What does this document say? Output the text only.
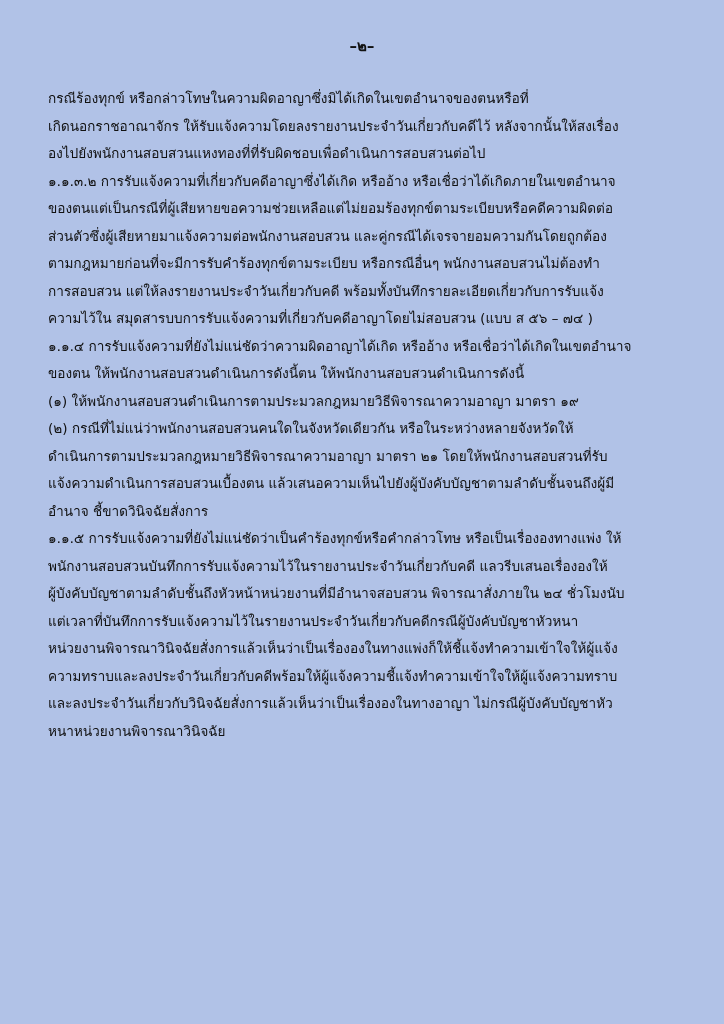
–๒–
กรณีร้องทุกข์ หรือกล่าวโทษในความผิดอาญาซึ่งมิได้เกิดในเขตอำนาจของตนหรือที่
เกิดนอกราชอาณาจักร ให้รับแจ้งความโดยลงรายงานประจำวันเกี่ยวกับคดีไว้ หลังจากนั้นให้สงเรื่อง
องไปยังพนักงานสอบสวนแหงทองที่ที่รับผิดชอบเพื่อดำเนินการสอบสวนต่อไป
๑.๑.๓.๒ การรับแจ้งความที่เกี่ยวกับคดีอาญาซึ่งได้เกิด หรืออ้าง หรือเชื่อว่าได้เกิดภายในเขตอำนาจ
ของตนแต่เป็นกรณีที่ผู้เสียหายขอความช่วยเหลือแต่ไม่ยอมร้องทุกข์ตามระเบียบหรือคดีความผิดต่อ
ส่วนตัวซึ่งผู้เสียหายมาแจ้งความต่อพนักงานสอบสวน และคู่กรณีได้เจรจายอมความกันโดยถูกต้อง
ตามกฎหมายก่อนที่จะมีการรับคำร้องทุกข์ตามระเบียบ หรือกรณีอื่นๆ พนักงานสอบสวนไม่ต้องทำ
การสอบสวน แต่ให้ลงรายงานประจำวันเกี่ยวกับคดี พร้อมทั้งบันทึกรายละเอียดเกี่ยวกับการรับแจ้ง
ความไว้ใน สมุดสารบบการรับแจ้งความที่เกี่ยวกับคดีอาญาโดยไม่สอบสวน (แบบ ส ๕๖ – ๗๔ )
๑.๑.๔ การรับแจ้งความที่ยังไม่แน่ชัดว่าความผิดอาญาได้เกิด หรืออ้าง หรือเชื่อว่าได้เกิดในเขตอำนาจ
ของตน ให้พนักงานสอบสวนดำเนินการดังนี้ตน ให้พนักงานสอบสวนดำเนินการดังนี้
(๑) ให้พนักงานสอบสวนดำเนินการตามประมวลกฎหมายวิธีพิจารณาความอาญา มาตรา ๑๙
(๒) กรณีที่ไม่แน่ว่าพนักงานสอบสวนคนใดในจังหวัดเดียวกัน หรือในระหว่างหลายจังหวัดให้
ดำเนินการตามประมวลกฎหมายวิธีพิจารณาความอาญา มาตรา ๒๑ โดยให้พนักงานสอบสวนที่รับ
แจ้งความดำเนินการสอบสวนเบื้องตน แล้วเสนอความเห็นไปยังผู้บังคับบัญชาตามลำดับชั้นจนถึงผู้มี
อำนาจ ชี้ขาดวินิจฉัยสั่งการ
๑.๑.๕ การรับแจ้งความที่ยังไม่แน่ชัดว่าเป็นคำร้องทุกข์หรือคำกล่าวโทษ หรือเป็นเรื่ององทางแพ่ง ให้
พนักงานสอบสวนบันทึกการรับแจ้งความไว้ในรายงานประจำวันเกี่ยวกับคดี แลวรีบเสนอเรื่ององให้
ผู้บังคับบัญชาตามลำดับชั้นถึงหัวหน้าหน่วยงานที่มีอำนาจสอบสวน พิจารณาสั่งภายใน ๒๔ ชั่วโมงนับ
แต่เวลาที่บันทึกการรับแจ้งความไว้ในรายงานประจำวันเกี่ยวกับคดีกรณีผู้บังคับบัญชาหัวหนา
หน่วยงานพิจารณาวินิจฉัยสั่งการแล้วเห็นว่าเป็นเรื่ององในทางแพ่งก็ให้ชี้แจ้งทำความเข้าใจให้ผู้แจ้ง
ความทราบและลงประจำวันเกี่ยวกับคดีพร้อมให้ผู้แจ้งความชี้แจ้งทำความเข้าใจให้ผู้แจ้งความทราบ
และลงประจำวันเกี่ยวกับวินิจฉัยสั่งการแล้วเห็นว่าเป็นเรื่ององในทางอาญา ไม่กรณีผู้บังคับบัญชาหัว
หนาหน่วยงานพิจารณาวินิจฉัย
